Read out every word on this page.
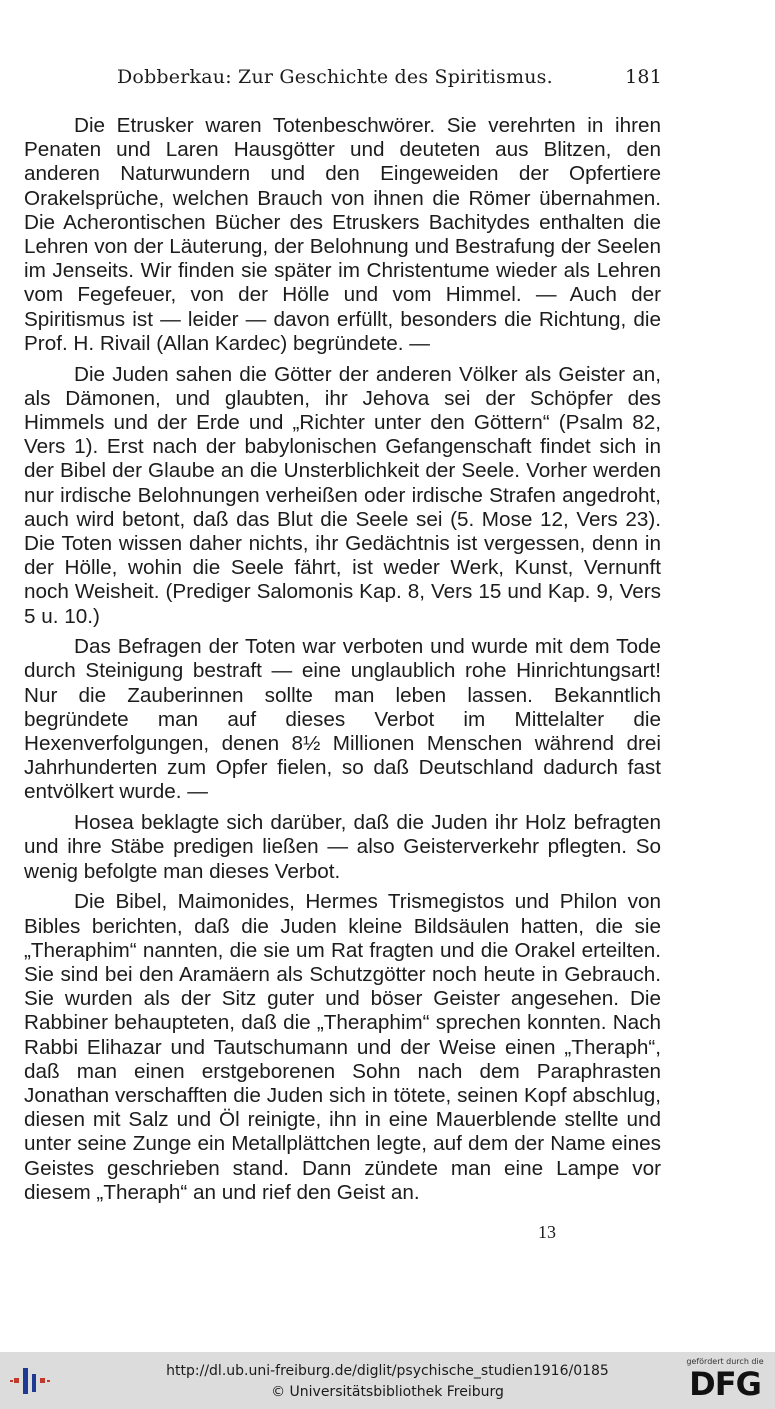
Dobberkau: Zur Geschichte des Spiritismus.	181

Die Etrusker waren Totenbeschwörer. Sie verehrten in ihren Penaten und Laren Hausgötter und deuteten aus Blitzen, den anderen Naturwundern und den Eingeweiden der Opfertiere Orakelsprüche, welchen Brauch von ihnen die Römer übernahmen. Die Acherontischen Bücher des Etruskers Bachitydes enthalten die Lehren von der Läuterung, der Belohnung und Bestrafung der Seelen im Jenseits. Wir finden sie später im Christentume wieder als Lehren vom Fegefeuer, von der Hölle und vom Himmel. — Auch der Spiritismus ist — leider — davon erfüllt, besonders die Richtung, die Prof. H. Rivail (Allan Kardec) begründete. —

Die Juden sahen die Götter der anderen Völker als Geister an, als Dämonen, und glaubten, ihr Jehova sei der Schöpfer des Himmels und der Erde und „Richter unter den Göttern“ (Psalm 82, Vers 1). Erst nach der babylonischen Gefangenschaft findet sich in der Bibel der Glaube an die Unsterblichkeit der Seele. Vorher werden nur irdische Belohnungen verheißen oder irdische Strafen angedroht, auch wird betont, daß das Blut die Seele sei (5. Mose 12, Vers 23). Die Toten wissen daher nichts, ihr Gedächtnis ist vergessen, denn in der Hölle, wohin die Seele fährt, ist weder Werk, Kunst, Vernunft noch Weisheit. (Prediger Salomonis Kap. 8, Vers 15 und Kap. 9, Vers 5 u. 10.)

Das Befragen der Toten war verboten und wurde mit dem Tode durch Steinigung bestraft — eine unglaublich rohe Hinrichtungsart! Nur die Zauberinnen sollte man leben lassen. Bekanntlich begründete man auf dieses Verbot im Mittelalter die Hexenverfolgungen, denen 8½ Millionen Menschen während drei Jahrhunderten zum Opfer fielen, so daß Deutschland dadurch fast entvölkert wurde. —

Hosea beklagte sich darüber, daß die Juden ihr Holz befragten und ihre Stäbe predigen ließen — also Geisterverkehr pflegten. So wenig befolgte man dieses Verbot.

Die Bibel, Maimonides, Hermes Trismegistos und Philon von Bibles berichten, daß die Juden kleine Bildsäulen hatten, die sie „Theraphim“ nannten, die sie um Rat fragten und die Orakel erteilten. Sie sind bei den Aramäern als Schutzgötter noch heute in Gebrauch. Sie wurden als der Sitz guter und böser Geister angesehen. Die Rabbiner behaupteten, daß die „Theraphim“ sprechen konnten. Nach Rabbi Elihazar und Tautschumann und der Weise einen „Theraph“, daß man einen erstgeborenen Sohn nach dem Paraphrasten Jonathan verschafften die Juden sich in tötete, seinen Kopf abschlug, diesen mit Salz und Öl reinigte, ihn in eine Mauerblende stellte und unter seine Zunge ein Metallplättchen legte, auf dem der Name eines Geistes geschrieben stand. Dann zündete man eine Lampe vor diesem „Theraph“ an und rief den Geist an.

13
http://dl.ub.uni-freiburg.de/diglit/psychische_studien1916/0185
© Universitätsbibliothek Freiburg
gefördert durch die
DFG
